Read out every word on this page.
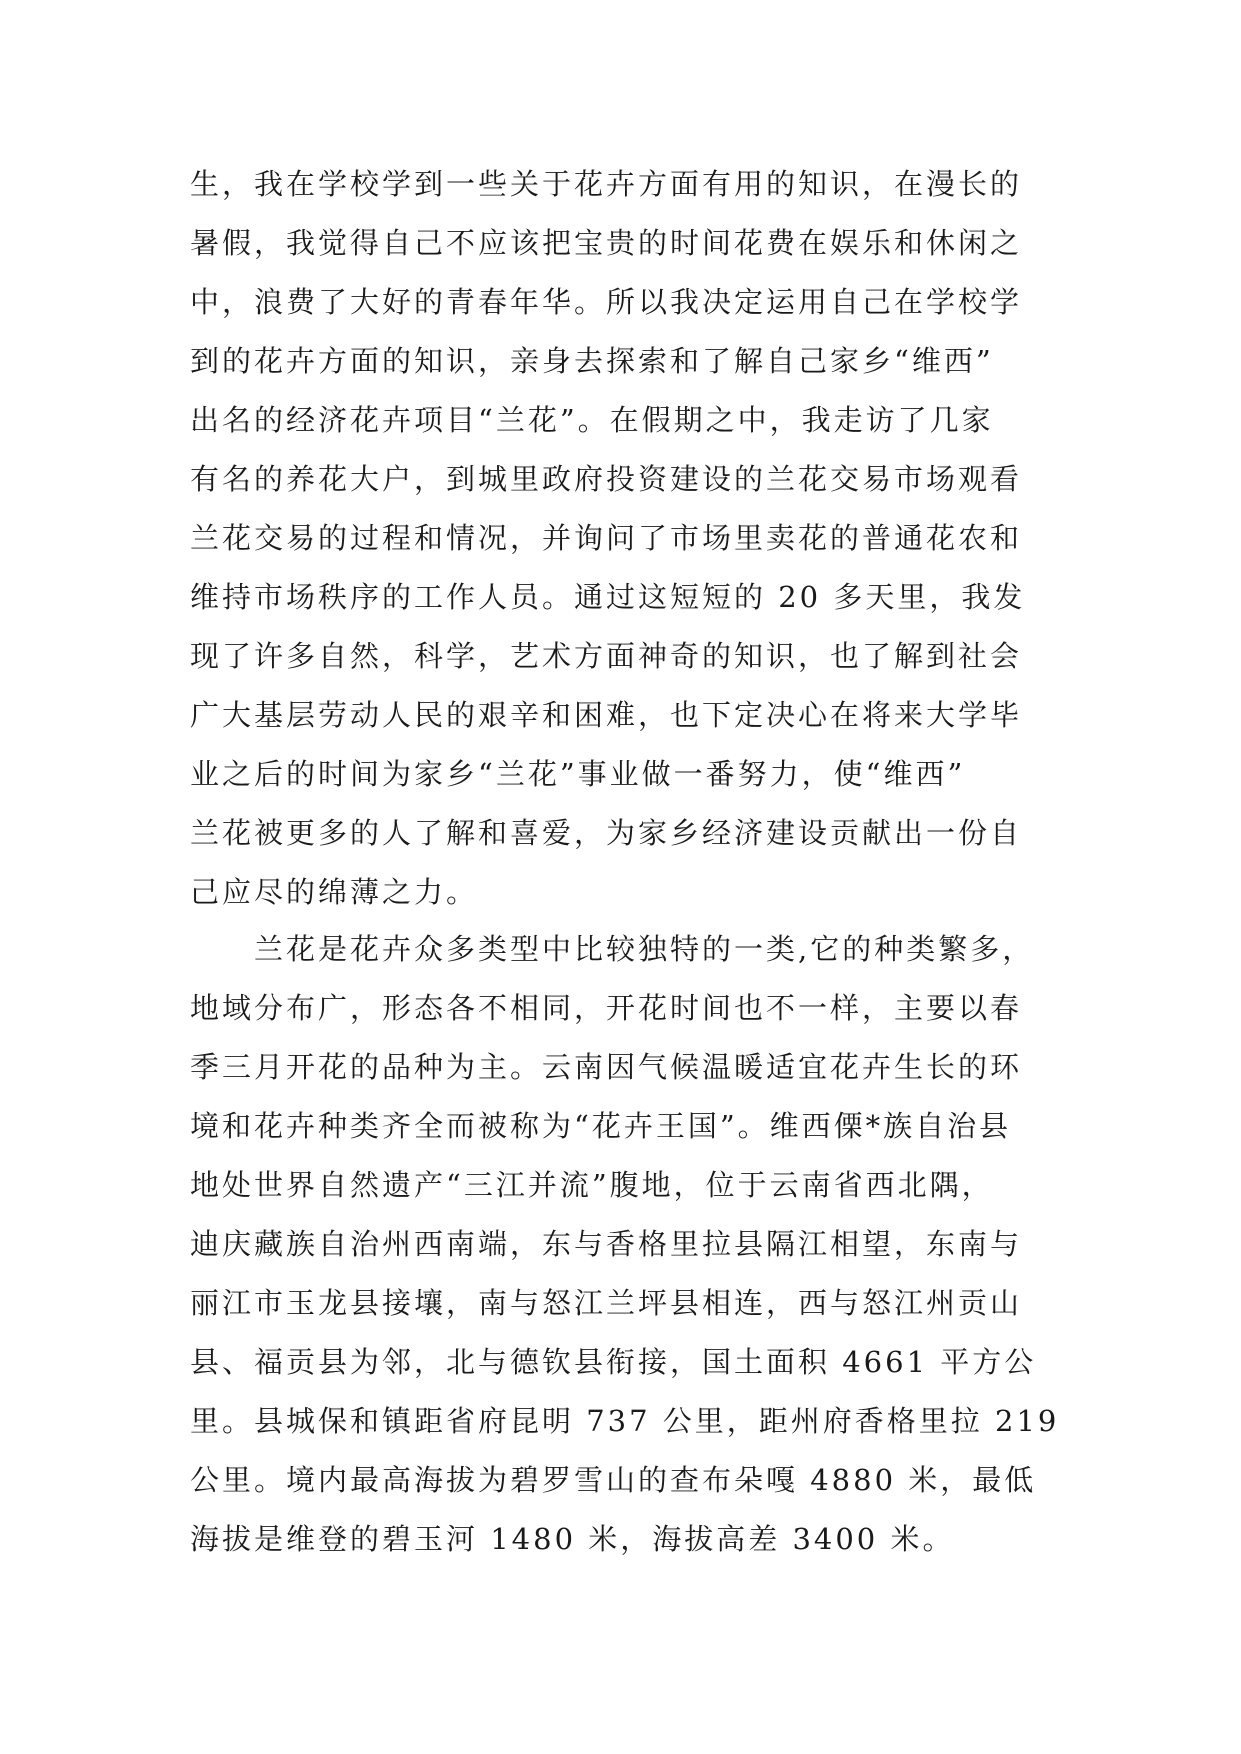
生，我在学校学到一些关于花卉方面有用的知识，在漫长的
暑假，我觉得自己不应该把宝贵的时间花费在娱乐和休闲之
中，浪费了大好的青春年华。所以我决定运用自己在学校学
到的花卉方面的知识，亲身去探索和了解自己家乡“维西”
出名的经济花卉项目“兰花”。在假期之中，我走访了几家
有名的养花大户，到城里政府投资建设的兰花交易市场观看
兰花交易的过程和情况，并询问了市场里卖花的普通花农和
维持市场秩序的工作人员。通过这短短的 20 多天里，我发
现了许多自然，科学，艺术方面神奇的知识，也了解到社会
广大基层劳动人民的艰辛和困难，也下定决心在将来大学毕
业之后的时间为家乡“兰花”事业做一番努力，使“维西”
兰花被更多的人了解和喜爱，为家乡经济建设贡献出一份自
己应尽的绵薄之力。
兰花是花卉众多类型中比较独特的一类,它的种类繁多，
地域分布广，形态各不相同，开花时间也不一样，主要以春
季三月开花的品种为主。云南因气候温暖适宜花卉生长的环
境和花卉种类齐全而被称为“花卉王国”。维西傈*族自治县
地处世界自然遗产“三江并流”腹地，位于云南省西北隅，
迪庆藏族自治州西南端，东与香格里拉县隔江相望，东南与
丽江市玉龙县接壤，南与怒江兰坪县相连，西与怒江州贡山
县、福贡县为邻，北与德钦县衔接，国土面积 4661 平方公
里。县城保和镇距省府昆明 737 公里，距州府香格里拉 219
公里。境内最高海拔为碧罗雪山的查布朵嘎 4880 米，最低
海拔是维登的碧玉河 1480 米，海拔高差 3400 米。
